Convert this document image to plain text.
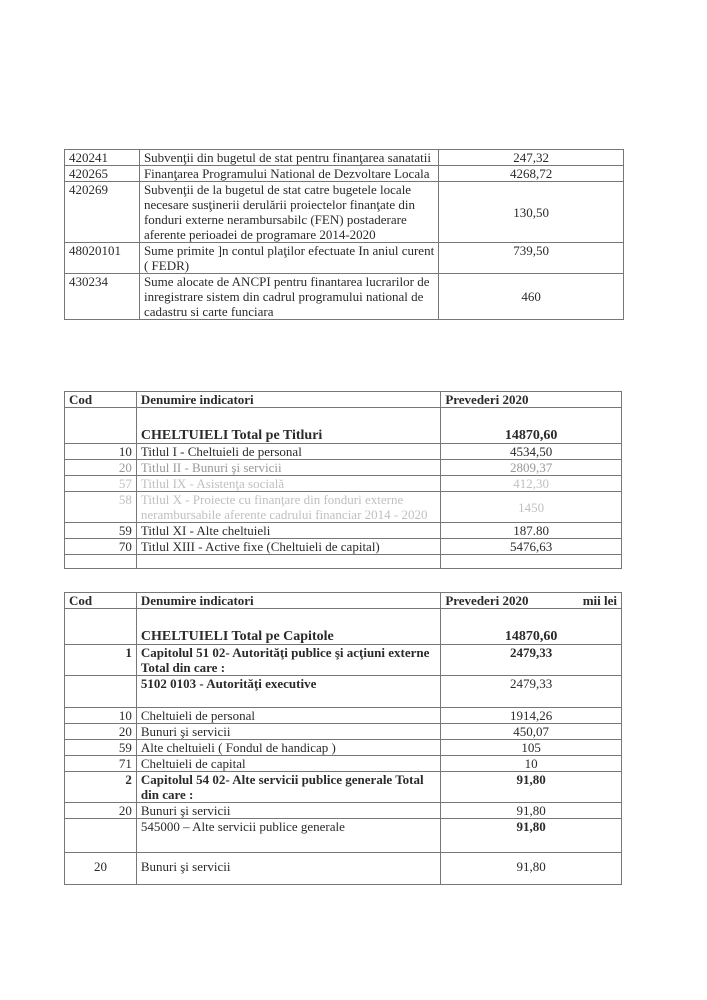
420241	Subvenţii din bugetul de stat pentru finanţarea sanatatii	247,32
420265	Finanţarea Programului National de Dezvoltare Locala	4268,72
420269	Subvenţii de la bugetul de stat catre bugetele locale necesare susţinerii derulării proiectelor finanţate din fonduri externe nerambursabilc (FEN) postaderare aferente perioadei de programare 2014-2020	130,50
48020101	Sume primite ]n contul plaţilor efectuate In aniul curent ( FEDR)	739,50
430234	Sume alocate de ANCPI pentru finantarea lucrarilor de inregistrare sistem din cadrul programului national de cadastru si carte funciara	460
Cod	Denumire indicatori	Prevederi 2020
	CHELTUIELI Total pe Titluri	14870,60
10	Titlul I - Cheltuieli de personal	4534,50
20	Titlul II - Bunuri şi servicii	2809,37
57	Titlul IX - Asistenţa socială	412,30
58	Titlul X - Proiecte cu finanţare din fonduri externe nerambursabile aferente cadrului financiar 2014 - 2020	1450
59	Titlul XI - Alte cheltuieli	187.80
70	Titlul XIII - Active fixe (Cheltuieli de capital)	5476,63

Cod	Denumire indicatori	Prevederi 2020 mii lei

	CHELTUIELI Total pe Capitole	14870,60
1	Capitolul 51 02- Autorităţi publice şi acţiuni externe Total din care :	2479,33
	5102 0103 - Autorităţi executive	2479,33
10	Cheltuieli de personal	1914,26
20	Bunuri şi servicii	450,07
59	Alte cheltuieli ( Fondul de handicap )	105
71	Cheltuieli de capital	10
2	Capitolul 54 02- Alte servicii publice generale Total din care :	91,80
20	Bunuri şi servicii	91,80
	545000 – Alte servicii publice generale	91,80
20	Bunuri şi servicii	91,80
